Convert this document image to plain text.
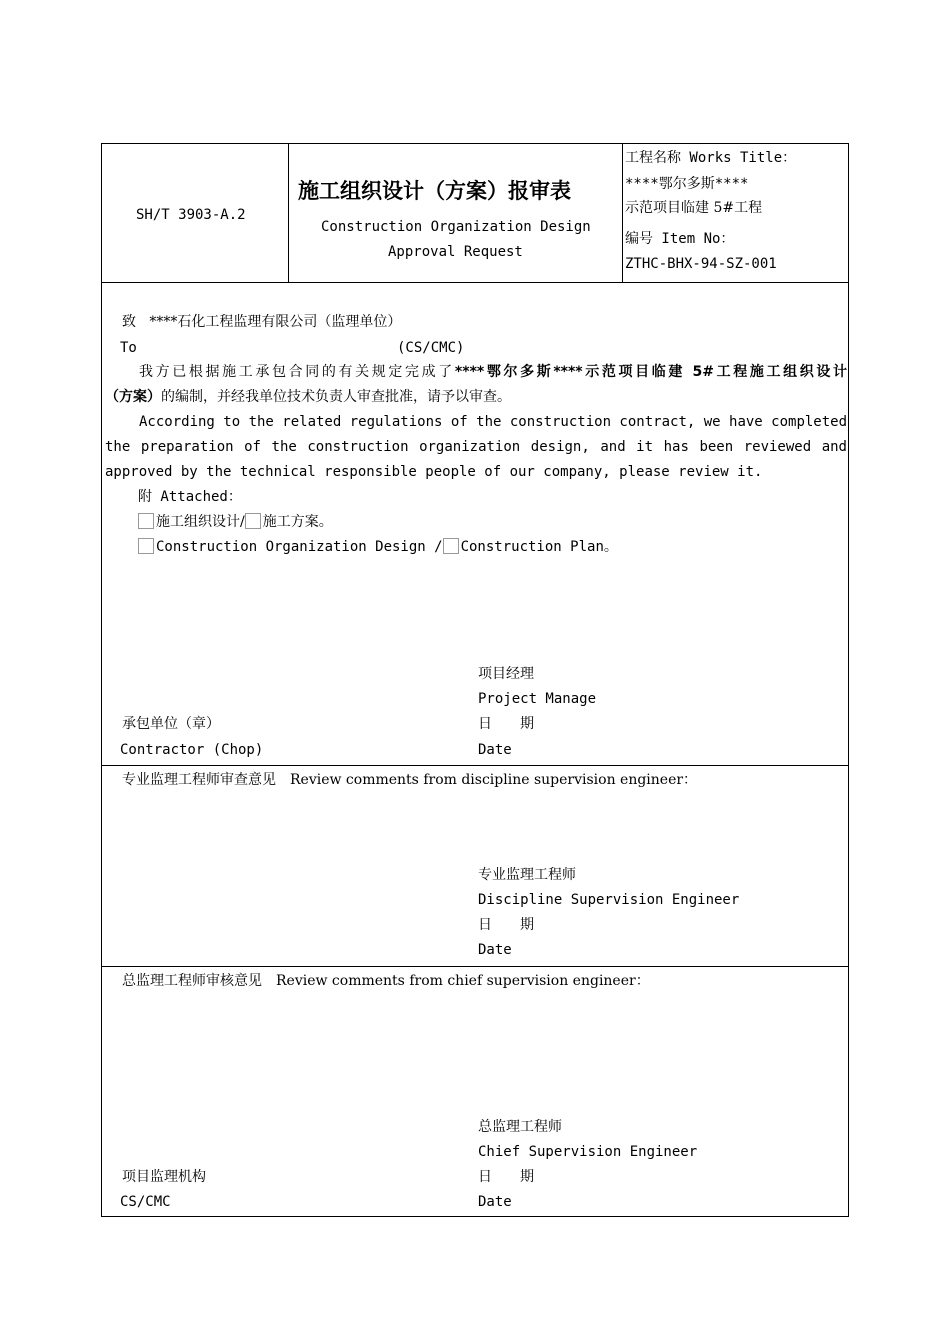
SH/T 3903-A.2
施工组织设计（方案）报审表
Construction Organization Design
Approval Request
工程名称 Works Title：
****鄂尔多斯****
示范项目临建 5#工程
编号 Item No：
ZTHC-BHX-94-SZ-001
致 ****石化工程监理有限公司（监理单位）
To	(CS/CMC)
我方已根据施工承包合同的有关规定完成了****鄂尔多斯****示范项目临建 5#工程施工组织设计
（方案）的编制，并经我单位技术负责人审查批准，请予以审查。
According to the related regulations of the construction contract, we have completed
the preparation of the construction organization design, and it has been reviewed and
approved by the technical responsible people of our company, please review it.
附 Attached：
施工组织设计/ 施工方案。
Construction Organization Design / Construction Plan。
项目经理
Project Manage
承包单位（章）	日　　期
Contractor (Chop)	Date
专业监理工程师审查意见　Review comments from discipline supervision engineer：
专业监理工程师
Discipline Supervision Engineer
日　　期
Date
总监理工程师审核意见　Review comments from chief supervision engineer：
总监理工程师
Chief Supervision Engineer
项目监理机构	日　　期
CS/CMC	Date
